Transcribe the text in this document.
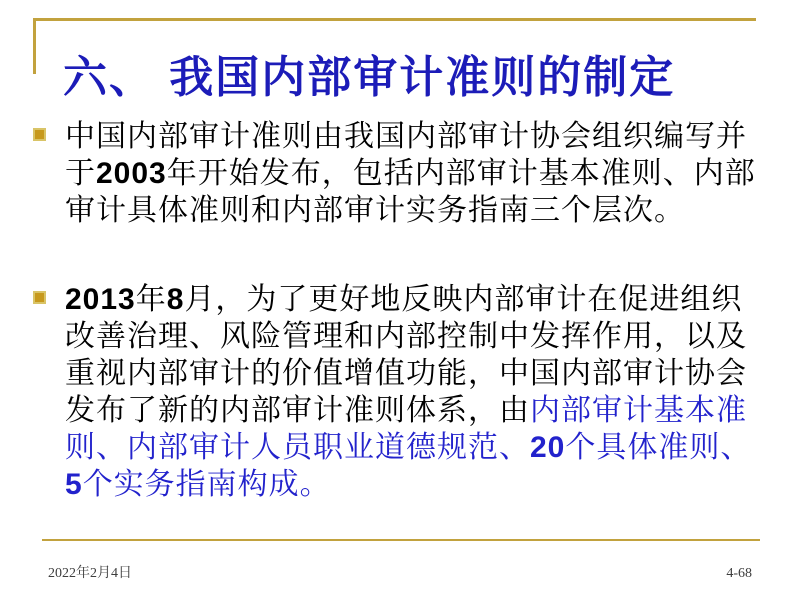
六、 我国内部审计准则的制定
中国内部审计准则由我国内部审计协会组织编写并
于2003年开始发布，包括内部审计基本准则、内部
审计具体准则和内部审计实务指南三个层次。
2013年8月，为了更好地反映内部审计在促进组织
改善治理、风险管理和内部控制中发挥作用，以及
重视内部审计的价值增值功能，中国内部审计协会
发布了新的内部审计准则体系，由内部审计基本准
则、内部审计人员职业道德规范、20个具体准则、
5个实务指南构成。
2022年2月4日	4-68
